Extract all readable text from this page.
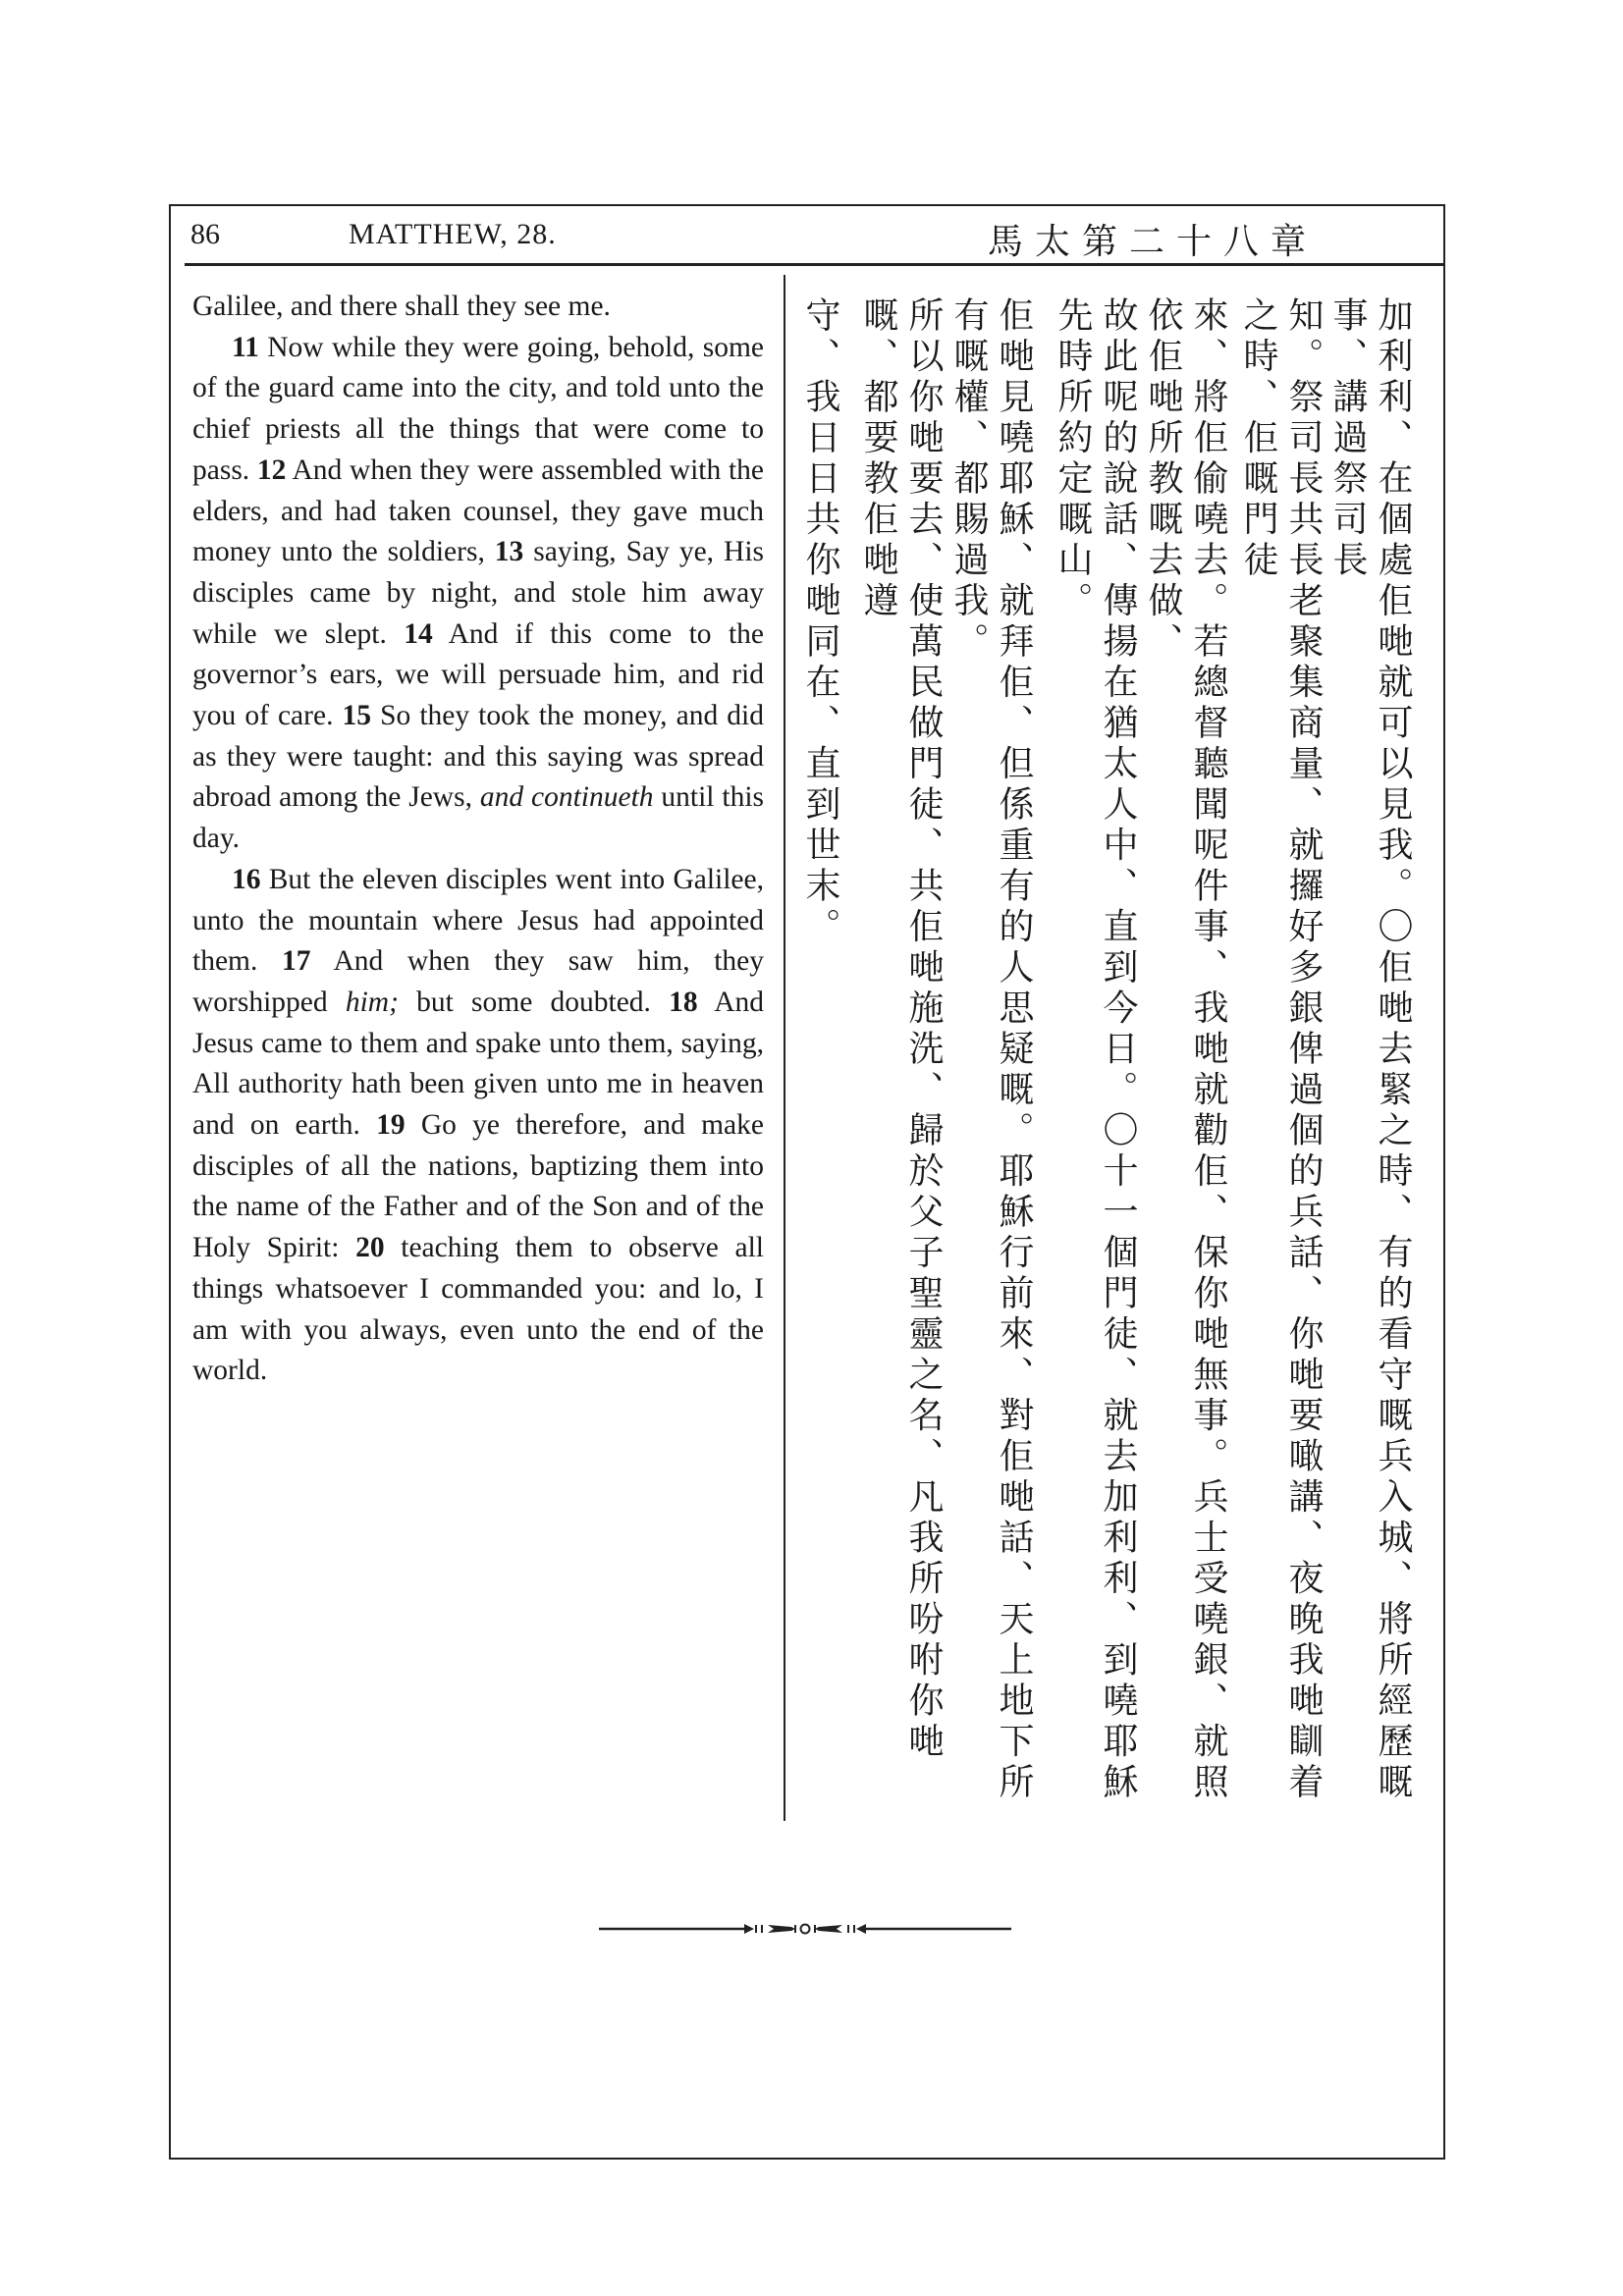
86	MATTHEW, 28.	馬太第二十八章

Galilee, and there shall they see me.

11 Now while they were going, behold, some of the guard came into the city, and told unto the chief priests all the things that were come to pass. 12 And when they were assembled with the elders, and had taken counsel, they gave much money unto the soldiers, 13 saying, Say ye, His disciples came by night, and stole him away while we slept. 14 And if this come to the governor’s ears, we will persuade him, and rid you of care. 15 So they took the money, and did as they were taught: and this saying was spread abroad among the Jews, and continueth until this day.

16 But the eleven disciples went into Galilee, unto the mountain where Jesus had appointed them. 17 And when they saw him, they worshipped him; but some doubted. 18 And Jesus came to them and spake unto them, saying, All authority hath been given unto me in heaven and on earth. 19 Go ye therefore, and make disciples of all the nations, baptizing them into the name of the Father and of the Son and of the Holy Spirit: 20 teaching them to observe all things whatsoever I commanded you: and lo, I am with you always, even unto the end of the world.	加利利、在個處佢哋就可以見我。〇佢哋去緊之時、有的看守嘅兵入城、將所經歷嘅事、講過祭司長
知。祭司長共長老聚集商量、就攞好多銀俾過個的兵話、你哋要噉講、夜晚我哋瞓着之時、佢嘅門徒
來、將佢偷嘵去。若總督聽聞呢件事、我哋就勸佢、保你哋無事。兵士受嘵銀、就照依佢哋所教嘅去做、
故此呢的說話、傳揚在猶太人中、直到今日。〇十一個門徒、就去加利利、到嘵耶穌先時所約定嘅山。
佢哋見嘵耶穌、就拜佢、但係重有的人思疑嘅。耶穌行前來、對佢哋話、天上地下所有嘅權、都賜過我。
所以你哋要去、使萬民做門徒、共佢哋施洗、歸於父子聖靈之名、凡我所吩咐你哋嘅、都要教佢哋遵
守、我日日共你哋同在、直到世末。
